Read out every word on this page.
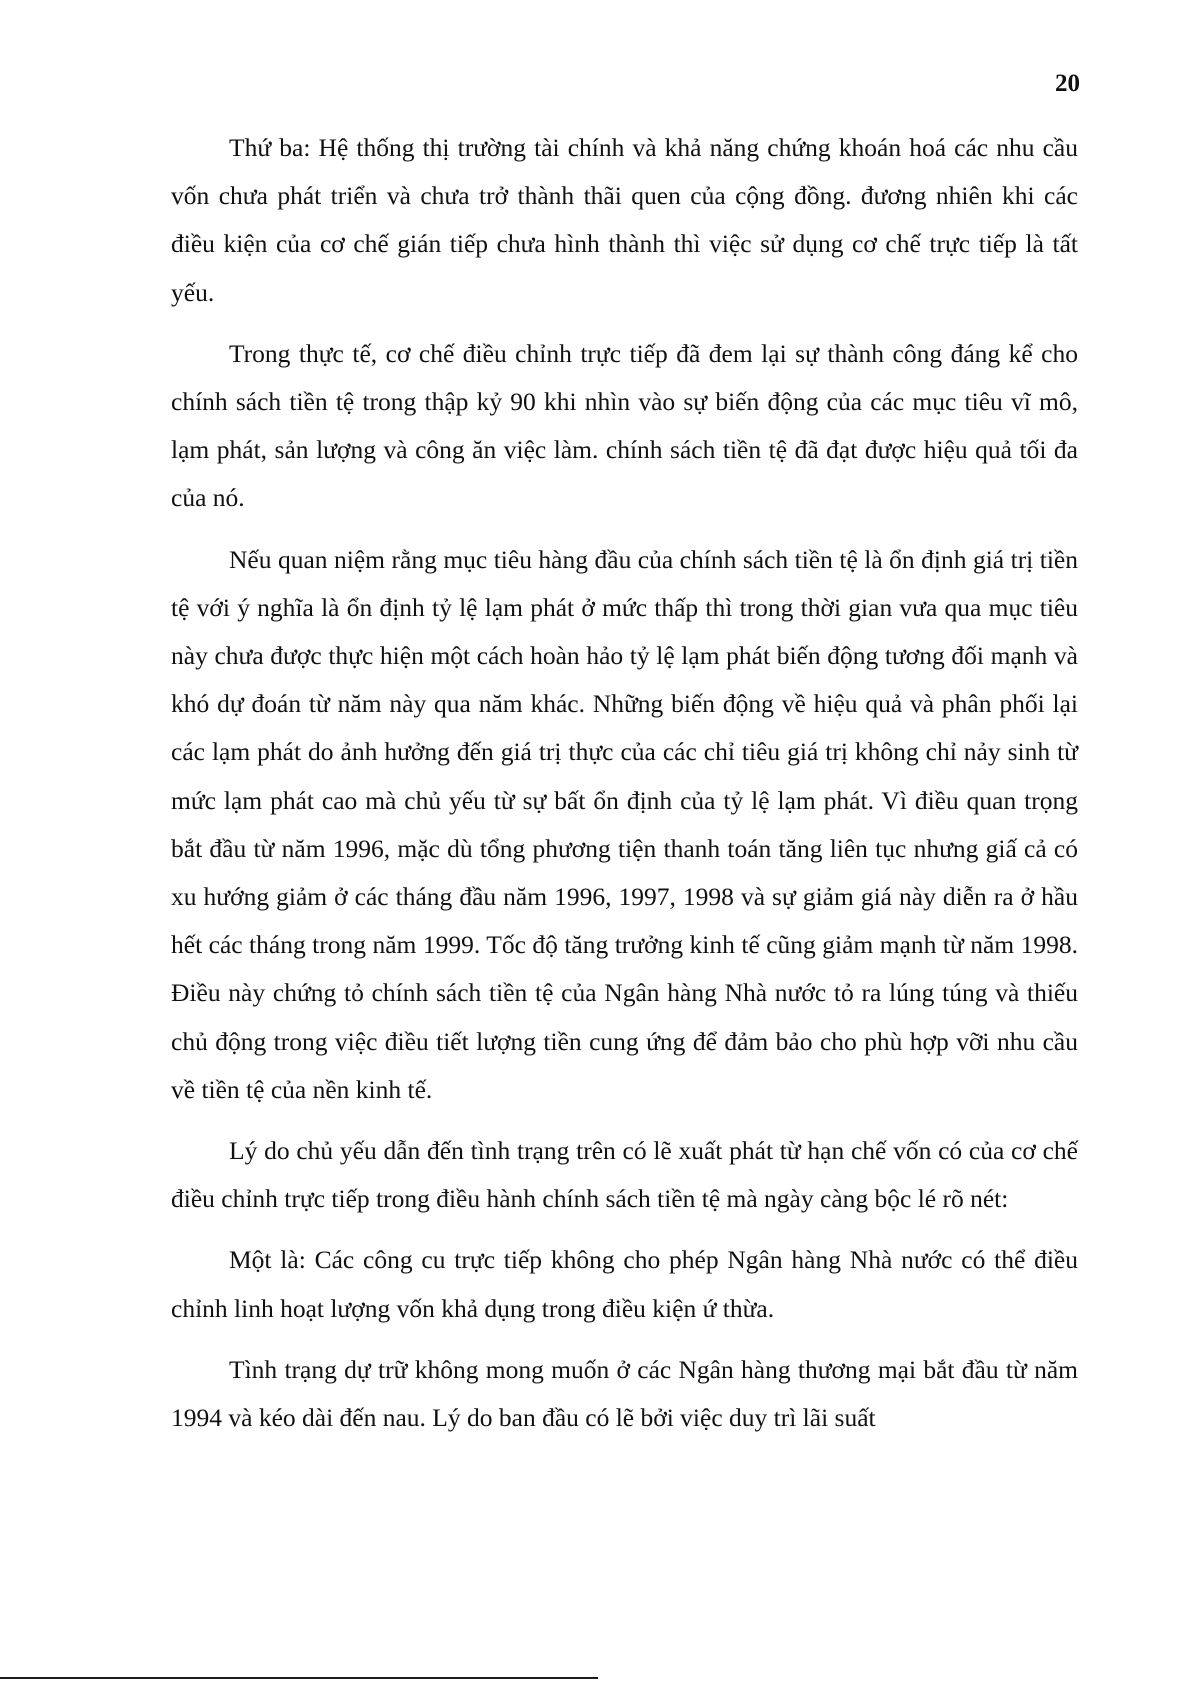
20

Thứ ba: Hệ thống thị trường tài chính và khả năng chứng khoán hoá các nhu cầu vốn chưa phát triển và chưa trở thành thãi quen của cộng đồng. đương nhiên khi các điều kiện của cơ chế gián tiếp chưa hình thành thì việc sử dụng cơ chế trực tiếp là tất yếu.

Trong thực tế, cơ chế điều chỉnh trực tiếp đã đem lại sự thành công đáng kể cho chính sách tiền tệ trong thập kỷ 90 khi nhìn vào sự biến động của các mục tiêu vĩ mô, lạm phát, sản lượng và công ăn việc làm. chính sách tiền tệ đã đạt được hiệu quả tối đa của nó.

Nếu quan niệm rằng mục tiêu hàng đầu của chính sách tiền tệ là ổn định giá trị tiền tệ với ý nghĩa là ổn định tỷ lệ lạm phát ở mức thấp thì trong thời gian vưa qua mục tiêu này chưa được thực hiện một cách hoàn hảo tỷ lệ lạm phát biến động tương đối mạnh và khó dự đoán từ năm này qua năm khác. Những biến động về hiệu quả và phân phối lại các lạm phát do ảnh hưởng đến giá trị thực của các chỉ tiêu giá trị không chỉ nảy sinh từ mức lạm phát cao mà chủ yếu từ sự bất ổn định của tỷ lệ lạm phát. Vì điều quan trọng bắt đầu từ năm 1996, mặc dù tổng phương tiện thanh toán tăng liên tục nhưng giấ cả có xu hướng giảm ở các tháng đầu năm 1996, 1997, 1998 và sự giảm giá này diễn ra ở hầu hết các tháng trong năm 1999. Tốc độ tăng trưởng kinh tế cũng giảm mạnh từ năm 1998. Điều này chứng tỏ chính sách tiền tệ của Ngân hàng Nhà nước tỏ ra lúng túng và thiếu chủ động trong việc điều tiết lượng tiền cung ứng để đảm bảo cho phù hợp vỡi nhu cầu về tiền tệ của nền kinh tế.

Lý do chủ yếu dẫn đến tình trạng trên có lẽ xuất phát từ hạn chế vốn có của cơ chế điều chỉnh trực tiếp trong điều hành chính sách tiền tệ mà ngày càng bộc lé rõ nét:

Một là: Các công cu trực tiếp không cho phép Ngân hàng Nhà nước có thể điều chỉnh linh hoạt lượng vốn khả dụng trong điều kiện ứ thừa.

Tình trạng dự trữ không mong muốn ở các Ngân hàng thương mại bắt đầu từ năm 1994 và kéo dài đến nau. Lý do ban đầu có lẽ bởi việc duy trì lãi suất
